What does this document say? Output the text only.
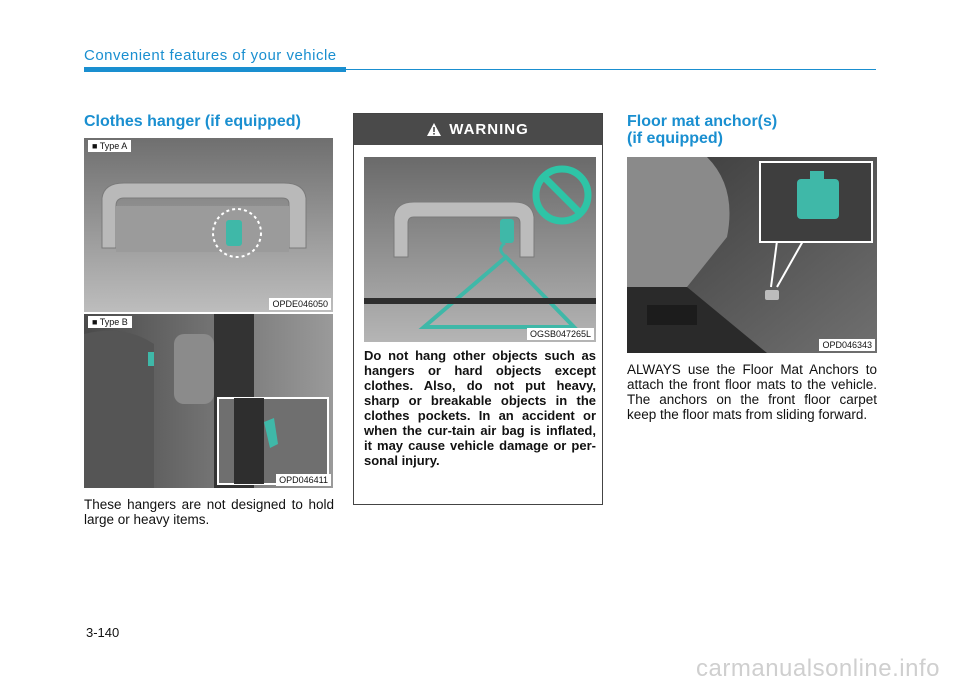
Convenient features of your vehicle
Clothes hanger (if equipped)
■ Type A
OPDE046050
■ Type B
OPD046411
These hangers are not designed to hold large or heavy items.
WARNING
OGSB047265L
Do not hang other objects such as hangers or hard objects except clothes. Also, do not put heavy, sharp or breakable objects in the clothes pockets. In an accident or when the cur-tain air bag is inflated, it may cause vehicle damage or per-sonal injury.
Floor mat anchor(s)
(if equipped)
OPD046343
ALWAYS use the Floor Mat Anchors to attach the front floor mats to the vehicle. The anchors on the front floor carpet keep the floor mats from sliding forward.
3-140
carmanualsonline.info
